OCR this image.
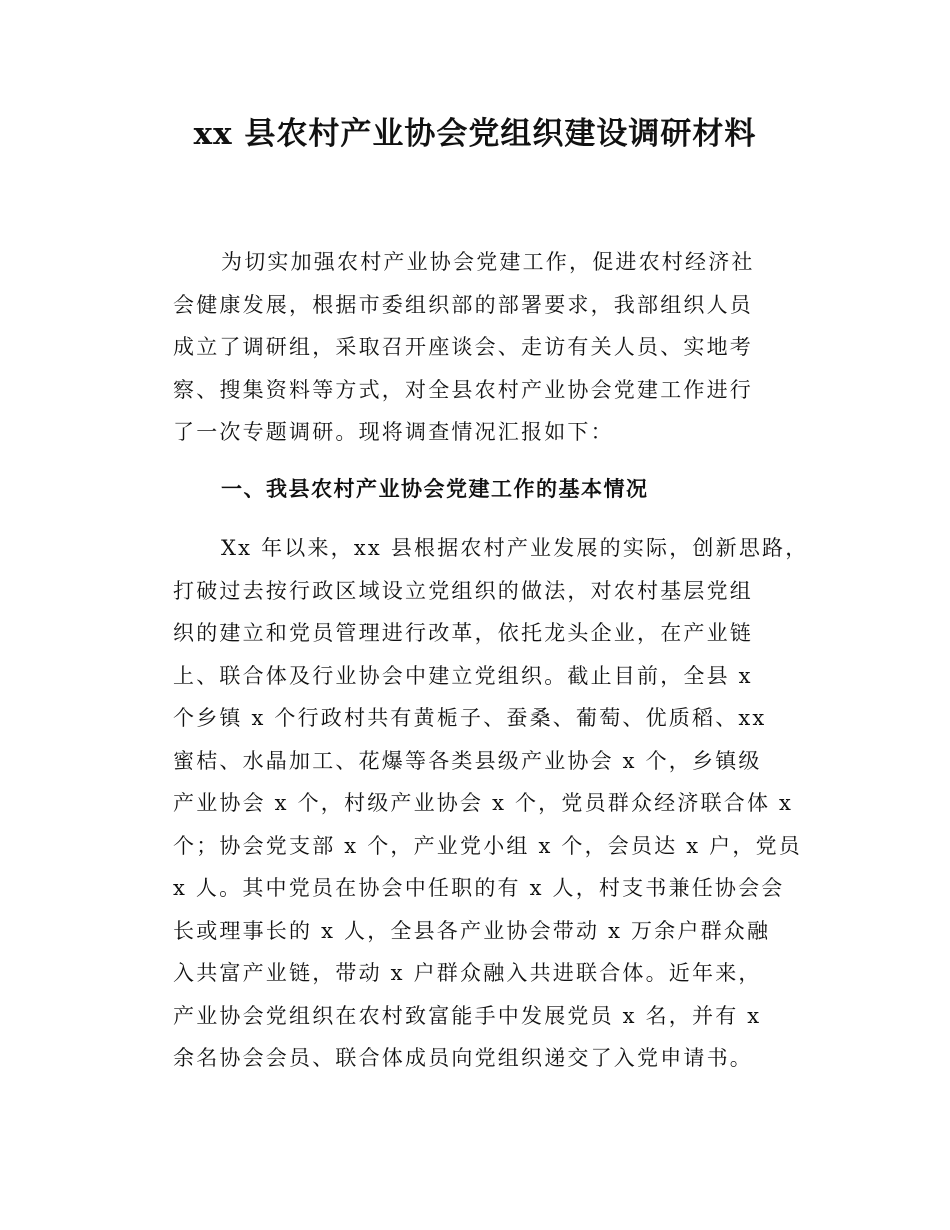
xx 县农村产业协会党组织建设调研材料
为切实加强农村产业协会党建工作，促进农村经济社
会健康发展，根据市委组织部的部署要求，我部组织人员
成立了调研组，采取召开座谈会、走访有关人员、实地考
察、搜集资料等方式，对全县农村产业协会党建工作进行
了一次专题调研。现将调查情况汇报如下：
一、我县农村产业协会党建工作的基本情况
Xx 年以来，xx 县根据农村产业发展的实际，创新思路，
打破过去按行政区域设立党组织的做法，对农村基层党组
织的建立和党员管理进行改革，依托龙头企业，在产业链
上、联合体及行业协会中建立党组织。截止目前，全县 x
个乡镇 x 个行政村共有黄栀子、蚕桑、葡萄、优质稻、xx
蜜桔、水晶加工、花爆等各类县级产业协会 x 个，乡镇级
产业协会 x 个，村级产业协会 x 个，党员群众经济联合体 x
个；协会党支部 x 个，产业党小组 x 个，会员达 x 户，党员
x 人。其中党员在协会中任职的有 x 人，村支书兼任协会会
长或理事长的 x 人，全县各产业协会带动 x 万余户群众融
入共富产业链，带动 x 户群众融入共进联合体。近年来，
产业协会党组织在农村致富能手中发展党员 x 名，并有 x
余名协会会员、联合体成员向党组织递交了入党申请书。
